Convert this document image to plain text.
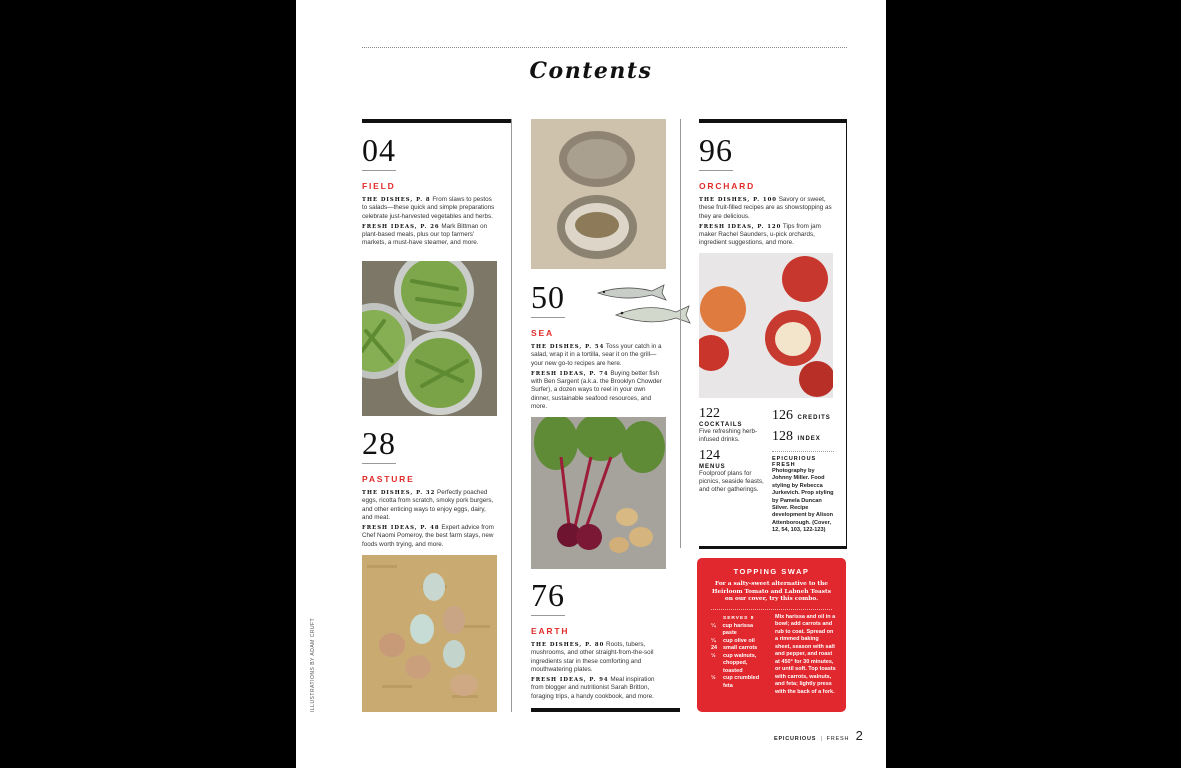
Contents
04
FIELD
THE DISHES, P. 8 From slaws to pestos to salads—these quick and simple preparations celebrate just-harvested vegetables and herbs.
FRESH IDEAS, P. 26 Mark Bittman on plant-based meals, plus our top farmers' markets, a must-have steamer, and more.
28
PASTURE
THE DISHES, P. 32 Perfectly poached eggs, ricotta from scratch, smoky pork burgers, and other enticing ways to enjoy eggs, dairy, and meat.
FRESH IDEAS, P. 48 Expert advice from Chef Naomi Pomeroy, the best farm stays, new foods worth trying, and more.
50
SEA
THE DISHES, P. 54 Toss your catch in a salad, wrap it in a tortilla, sear it on the grill—your new go-to recipes are here.
FRESH IDEAS, P. 74 Buying better fish with Ben Sargent (a.k.a. the Brooklyn Chowder Surfer), a dozen ways to reel in your own dinner, sustainable seafood resources, and more.
76
EARTH
THE DISHES, P. 80 Roots, tubers, mushrooms, and other straight-from-the-soil ingredients star in these comforting and mouthwatering plates.
FRESH IDEAS, P. 94 Meal inspiration from blogger and nutritionist Sarah Britton, foraging trips, a handy cookbook, and more.
96
ORCHARD
THE DISHES, P. 100 Savory or sweet, these fruit-filled recipes are as showstopping as they are delicious.
FRESH IDEAS, P. 120 Tips from jam maker Rachel Saunders, u-pick orchards, ingredient suggestions, and more.
122
COCKTAILS
Five refreshing herb-infused drinks.
124
MENUS
Foolproof plans for picnics, seaside feasts, and other gatherings.
126 CREDITS
128 INDEX
EPICURIOUS FRESH
Photography by Johnny Miller. Food styling by Rebecca Jurkevich. Prop styling by Pamela Duncan Silver. Recipe development by Alison Attenborough. (Cover, 12, 54, 103, 122-123)
TOPPING SWAP
For a salty-sweet alternative to the Heirloom Tomato and Labneh Toasts on our cover, try this combo.
SERVES 8
¼	cup harissa paste
¼	cup olive oil
24	small carrots
½	cup walnuts, chopped, toasted
½	cup crumbled feta
Mix harissa and oil in a bowl; add carrots and rub to coat. Spread on a rimmed baking sheet, season with salt and pepper, and roast at 450° for 30 minutes, or until soft. Top toasts with carrots, walnuts, and feta; lightly press with the back of a fork.
EPICURIOUS | FRESH 2
ILLUSTRATIONS BY ADAM CRUFT
